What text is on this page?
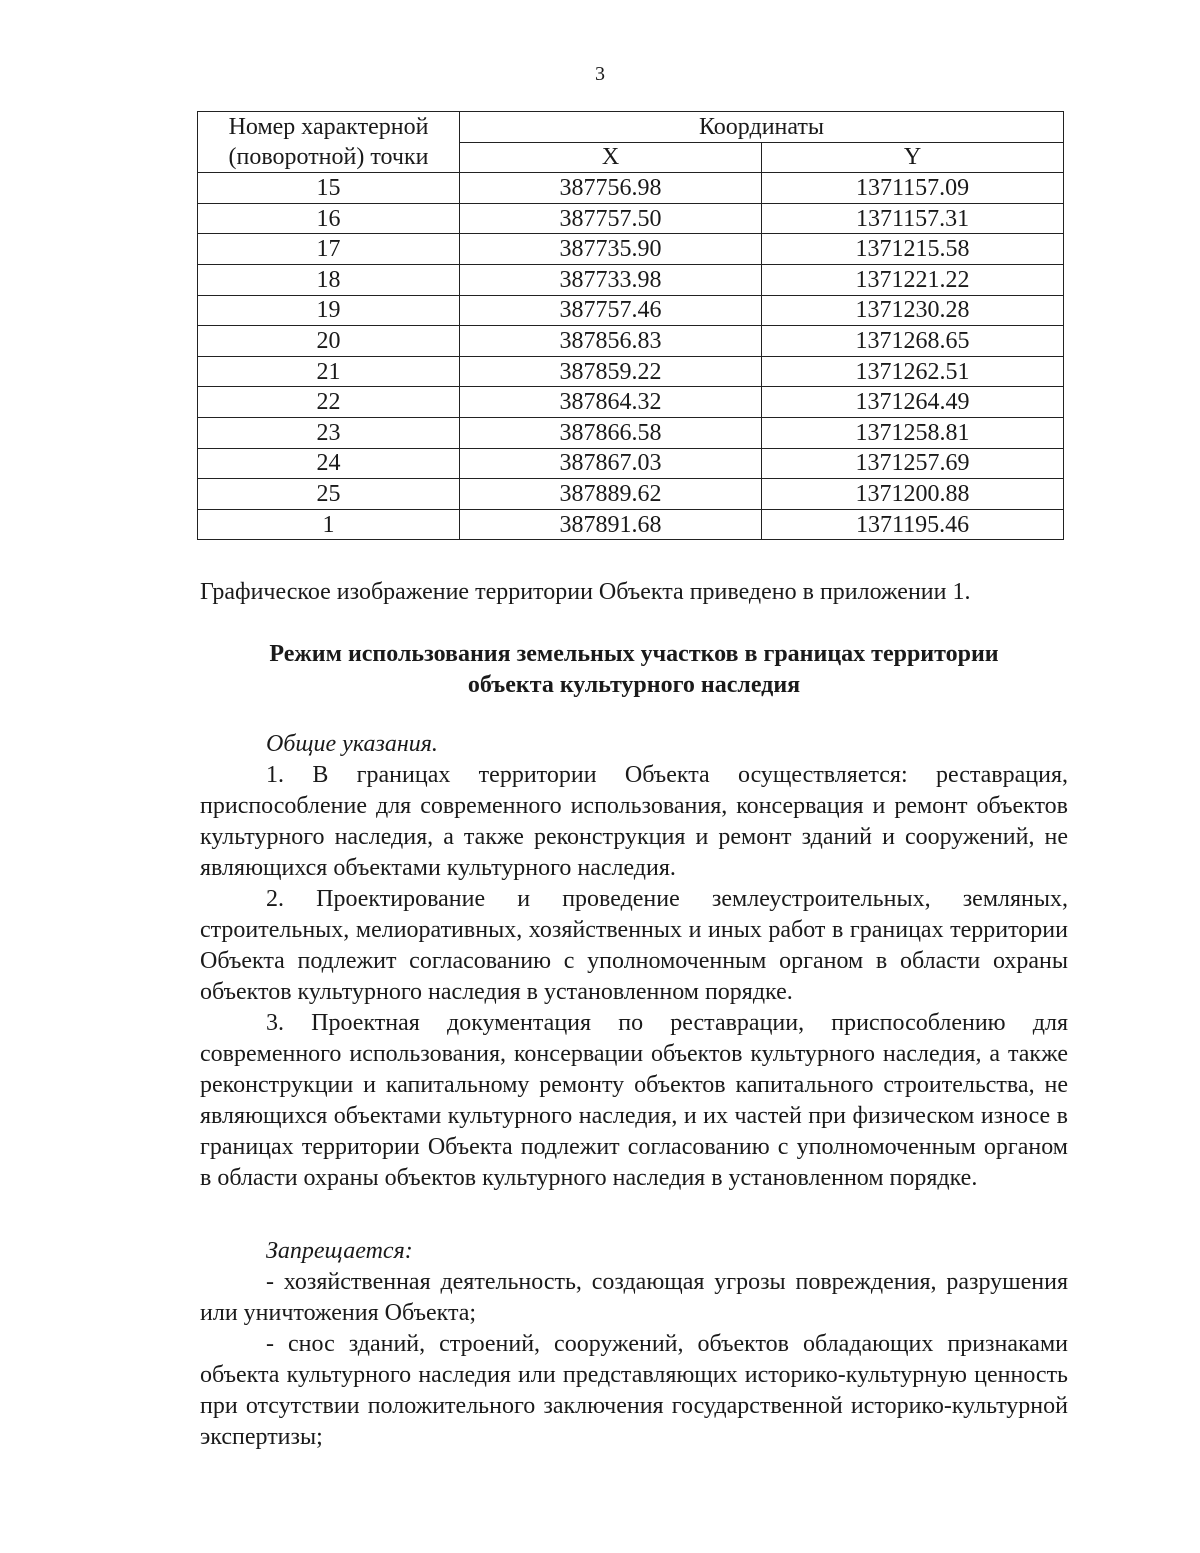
3
Номер характерной (поворотной) точки	Координаты	
	X	Y
15	387756.98	1371157.09
16	387757.50	1371157.31
17	387735.90	1371215.58
18	387733.98	1371221.22
19	387757.46	1371230.28
20	387856.83	1371268.65
21	387859.22	1371262.51
22	387864.32	1371264.49
23	387866.58	1371258.81
24	387867.03	1371257.69
25	387889.62	1371200.88
1	387891.68	1371195.46

Графическое изображение территории Объекта приведено в приложении 1.

Режим использования земельных участков в границах территории

объекта культурного наследия

Общие указания.

1. В границах территории Объекта осуществляется: реставрация, приспособление для современного использования, консервация и ремонт объектов культурного наследия, а также реконструкция и ремонт зданий и сооружений, не являющихся объектами культурного наследия.

2. Проектирование и проведение землеустроительных, земляных, строительных, мелиоративных, хозяйственных и иных работ в границах территории Объекта подлежит согласованию с уполномоченным органом в области охраны объектов культурного наследия в установленном порядке.

3. Проектная документация по реставрации, приспособлению для современного использования, консервации объектов культурного наследия, а также реконструкции и капитальному ремонту объектов капитального строительства, не являющихся объектами культурного наследия, и их частей при физическом износе в границах территории Объекта подлежит согласованию с уполномоченным органом в области охраны объектов культурного наследия в установленном порядке.

Запрещается:

- хозяйственная деятельность, создающая угрозы повреждения, разрушения или уничтожения Объекта;

- снос зданий, строений, сооружений, объектов обладающих признаками объекта культурного наследия или представляющих историко-культурную ценность при отсутствии положительного заключения государственной историко-культурной экспертизы;
